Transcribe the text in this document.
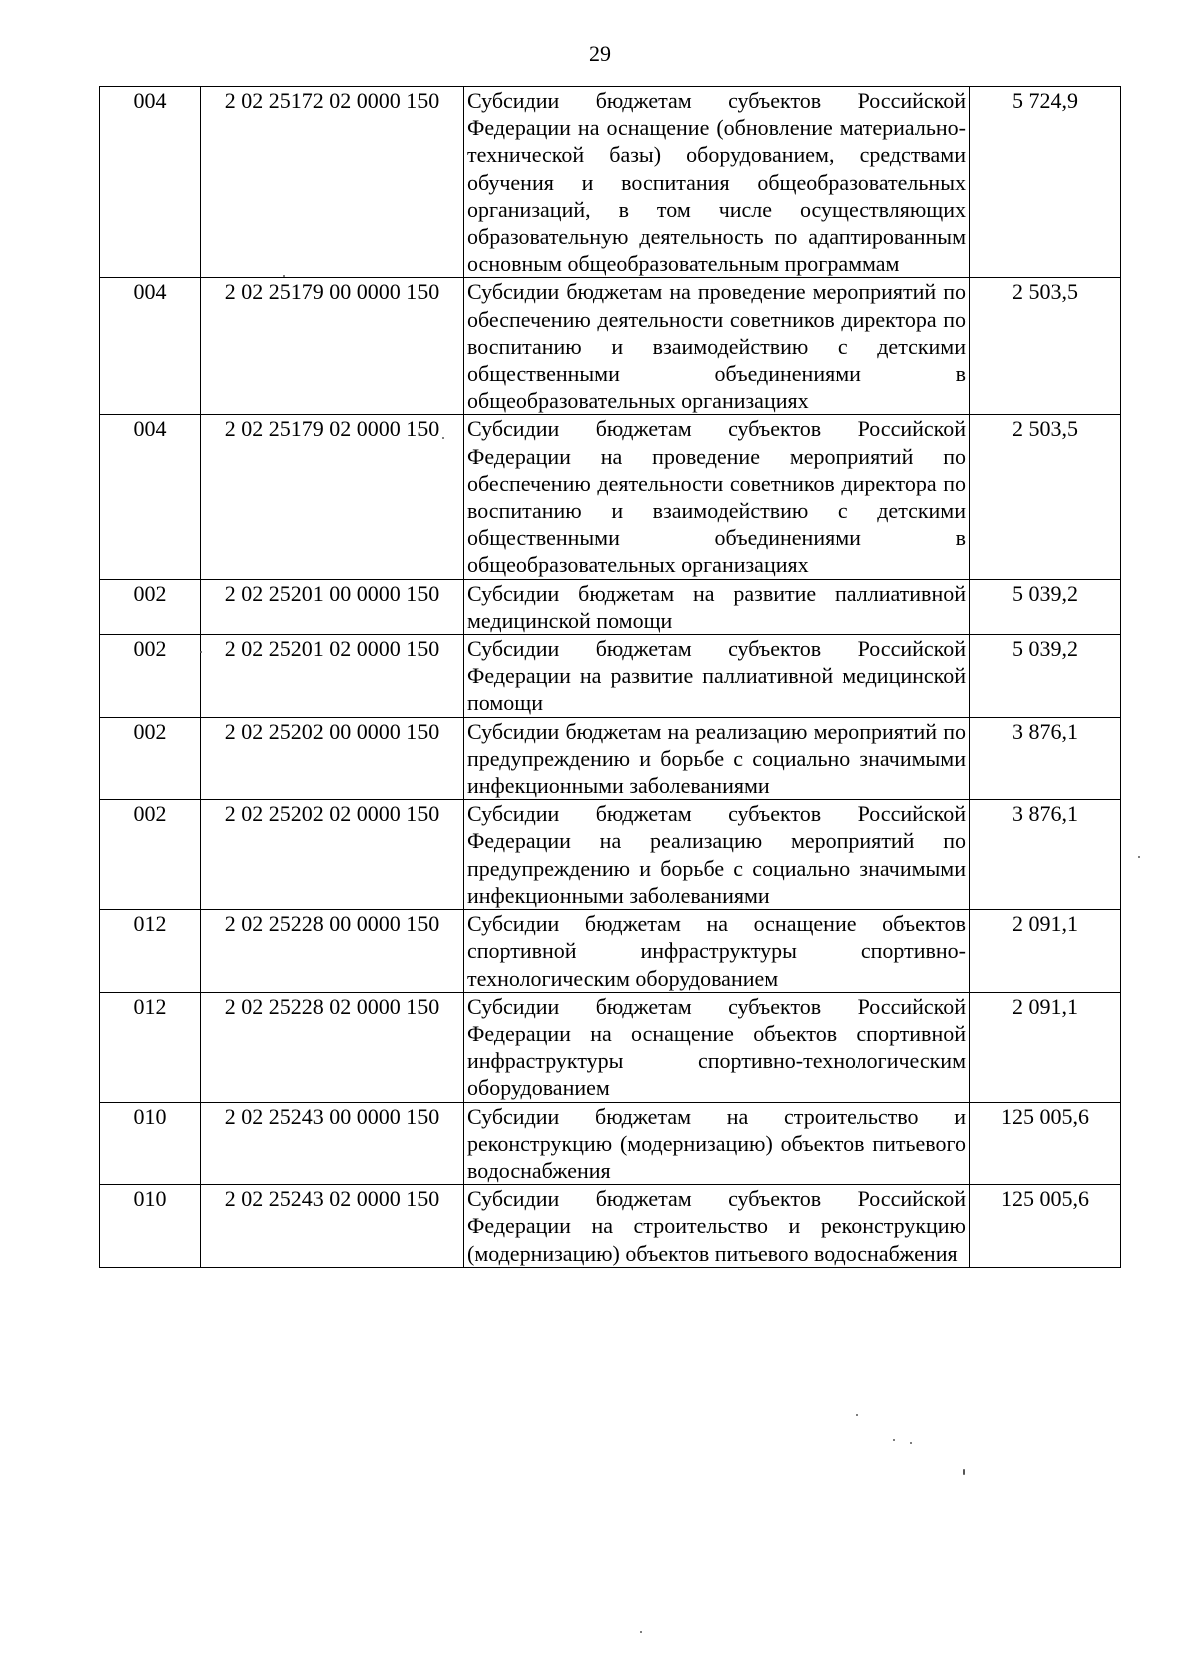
29
004	2 02 25172 02 0000 150	Субсидии бюджетам субъектов Российской Федерации на оснащение (обновление материально-технической базы) оборудованием, средствами обучения и воспитания общеобразовательных организаций, в том числе осуществляющих образовательную деятельность по адаптированным основным общеобразовательным программам	5 724,9
004	2 02 25179 00 0000 150	Субсидии бюджетам на проведение мероприятий по обеспечению деятельности советников директора по воспитанию и взаимодействию с детскими общественными объединениями в общеобразовательных организациях	2 503,5
004	2 02 25179 02 0000 150	Субсидии бюджетам субъектов Российской Федерации на проведение мероприятий по обеспечению деятельности советников директора по воспитанию и взаимодействию с детскими общественными объединениями в общеобразовательных организациях	2 503,5
002	2 02 25201 00 0000 150	Субсидии бюджетам на развитие паллиативной медицинской помощи	5 039,2
002	2 02 25201 02 0000 150	Субсидии бюджетам субъектов Российской Федерации на развитие паллиативной медицинской помощи	5 039,2
002	2 02 25202 00 0000 150	Субсидии бюджетам на реализацию мероприятий по предупреждению и борьбе с социально значимыми инфекционными заболеваниями	3 876,1
002	2 02 25202 02 0000 150	Субсидии бюджетам субъектов Российской Федерации на реализацию мероприятий по предупреждению и борьбе с социально значимыми инфекционными заболеваниями	3 876,1
012	2 02 25228 00 0000 150	Субсидии бюджетам на оснащение объектов спортивной инфраструктуры спортивно-технологическим оборудованием	2 091,1
012	2 02 25228 02 0000 150	Субсидии бюджетам субъектов Российской Федерации на оснащение объектов спортивной инфраструктуры спортивно-технологическим оборудованием	2 091,1
010	2 02 25243 00 0000 150	Субсидии бюджетам на строительство и реконструкцию (модернизацию) объектов питьевого водоснабжения	125 005,6
010	2 02 25243 02 0000 150	Субсидии бюджетам субъектов Российской Федерации на строительство и реконструкцию (модернизацию) объектов питьевого водоснабжения	125 005,6
